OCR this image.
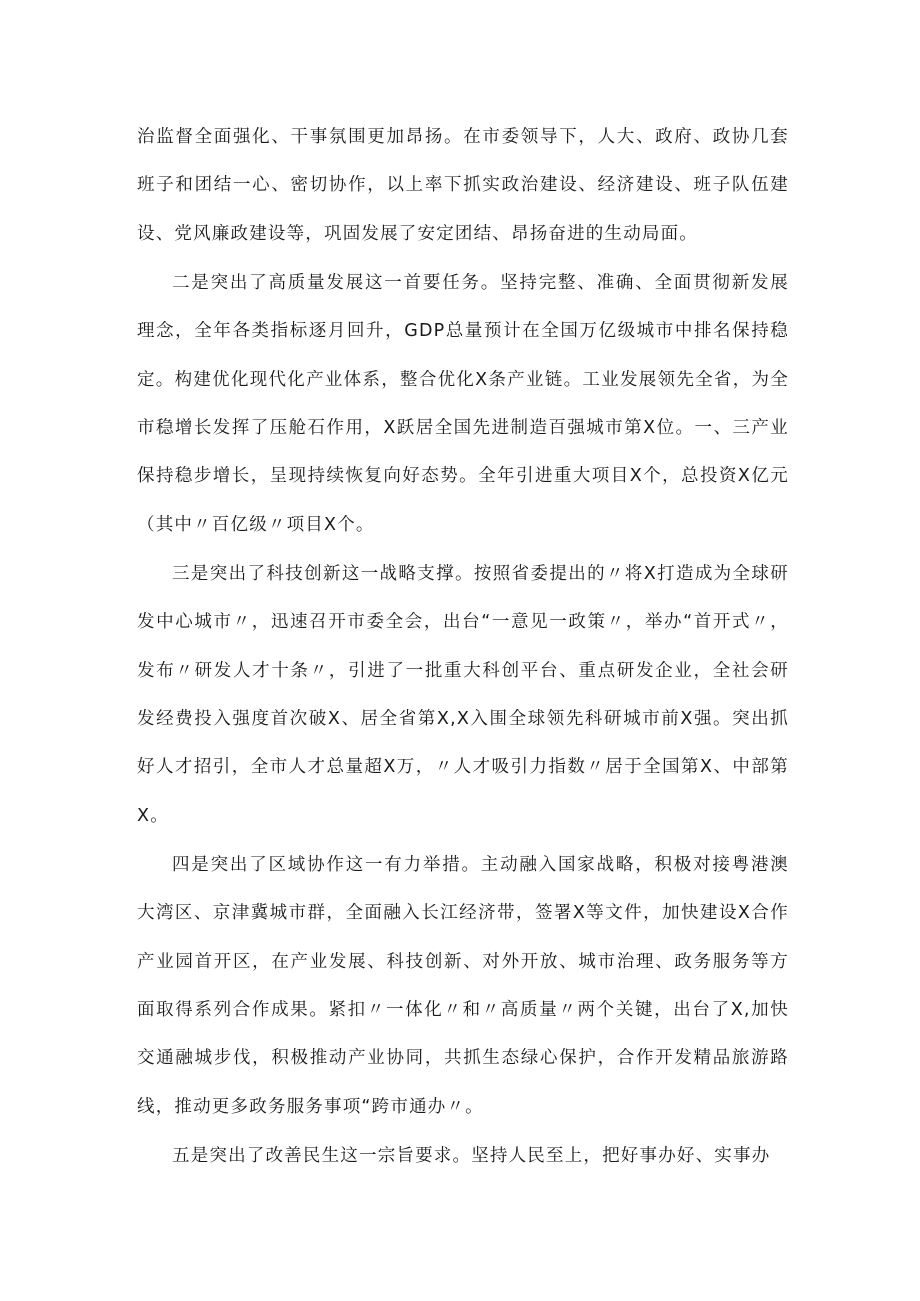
治监督全面强化、干事氛围更加昂扬。在市委领导下，人大、政府、政协几套班子和团结一心、密切协作，以上率下抓实政治建设、经济建设、班子队伍建设、党风廉政建设等，巩固发展了安定团结、昂扬奋进的生动局面。

二是突出了高质量发展这一首要任务。坚持完整、准确、全面贯彻新发展理念，全年各类指标逐月回升，GDP总量预计在全国万亿级城市中排名保持稳定。构建优化现代化产业体系，整合优化X条产业链。工业发展领先全省，为全市稳增长发挥了压舱石作用，X跃居全国先进制造百强城市第X位。一、三产业保持稳步增长，呈现持续恢复向好态势。全年引进重大项目X个，总投资X亿元（其中〃百亿级〃项目X个。

三是突出了科技创新这一战略支撑。按照省委提出的〃将X打造成为全球研发中心城市〃，迅速召开市委全会，出台“一意见一政策〃，举办“首开式〃，发布〃研发人才十条〃，引进了一批重大科创平台、重点研发企业，全社会研发经费投入强度首次破X、居全省第X,X入围全球领先科研城市前X强。突出抓好人才招引，全市人才总量超X万，〃人才吸引力指数〃居于全国第X、中部第X。

四是突出了区域协作这一有力举措。主动融入国家战略，积极对接粤港澳大湾区、京津冀城市群，全面融入长江经济带，签署X等文件，加快建设X合作产业园首开区，在产业发展、科技创新、对外开放、城市治理、政务服务等方面取得系列合作成果。紧扣〃一体化〃和〃高质量〃两个关键，出台了X,加快交通融城步伐，积极推动产业协同，共抓生态绿心保护，合作开发精品旅游路线，推动更多政务服务事项“跨市通办〃。

五是突出了改善民生这一宗旨要求。坚持人民至上，把好事办好、实事办
